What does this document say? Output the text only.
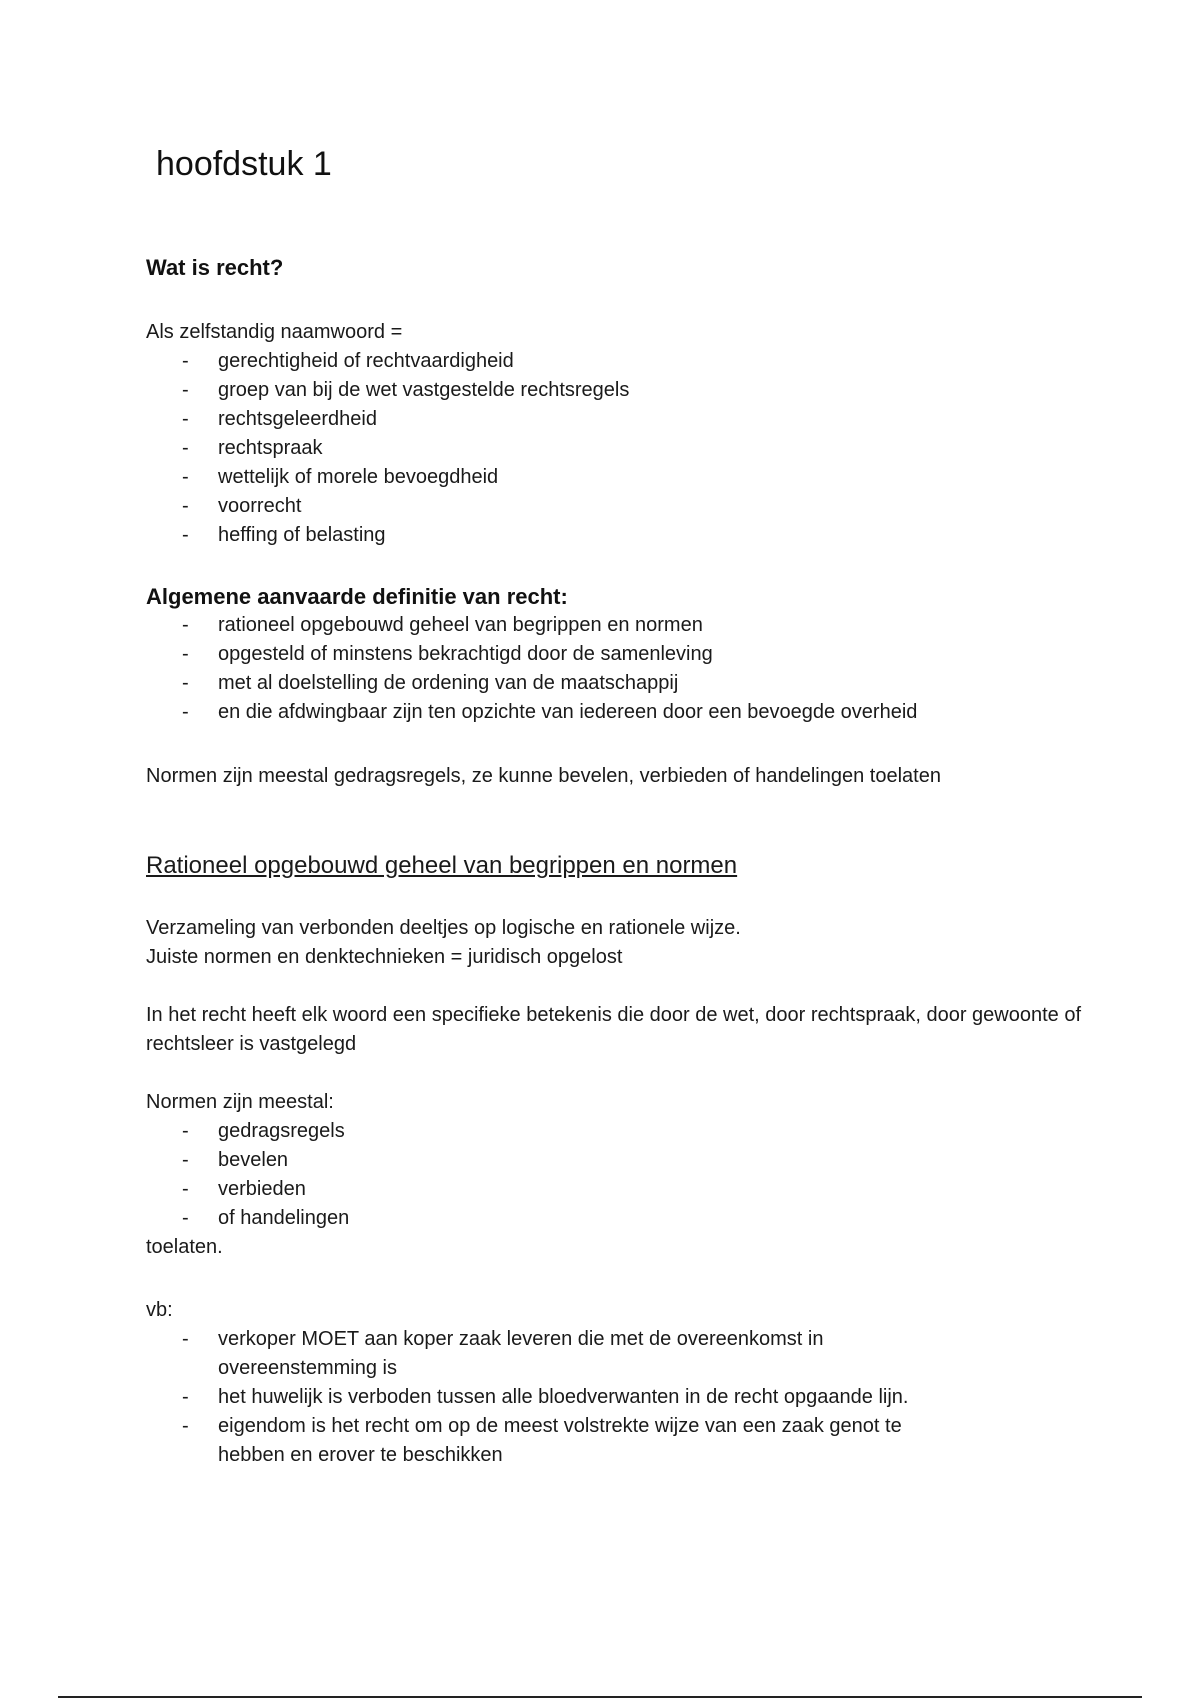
hoofdstuk 1

Wat is recht?

Als zelfstandig naamwoord =

- gerechtigheid of rechtvaardigheid
- groep van bij de wet vastgestelde rechtsregels
- rechtsgeleerdheid
- rechtspraak
- wettelijk of morele bevoegdheid
- voorrecht
- heffing of belasting

Algemene aanvaarde definitie van recht:

- rationeel opgebouwd geheel van begrippen en normen
- opgesteld of minstens bekrachtigd door de samenleving
- met al doelstelling de ordening van de maatschappij
- en die afdwingbaar zijn ten opzichte van iedereen door een bevoegde overheid

Normen zijn meestal gedragsregels, ze kunne bevelen, verbieden of handelingen toelaten

Rationeel opgebouwd geheel van begrippen en normen

Verzameling van verbonden deeltjes op logische en rationele wijze.

Juiste normen en denktechnieken = juridisch opgelost

In het recht heeft elk woord een specifieke betekenis die door de wet, door rechtspraak, door gewoonte of rechtsleer is vastgelegd

Normen zijn meestal:

- gedragsregels
- bevelen
- verbieden
- of handelingen

toelaten.

vb:

- verkoper MOET aan koper zaak leveren die met de overeenkomst in overeenstemming is
- het huwelijk is verboden tussen alle bloedverwanten in de recht opgaande lijn.
- eigendom is het recht om op de meest volstrekte wijze van een zaak genot te hebben en erover te beschikken
